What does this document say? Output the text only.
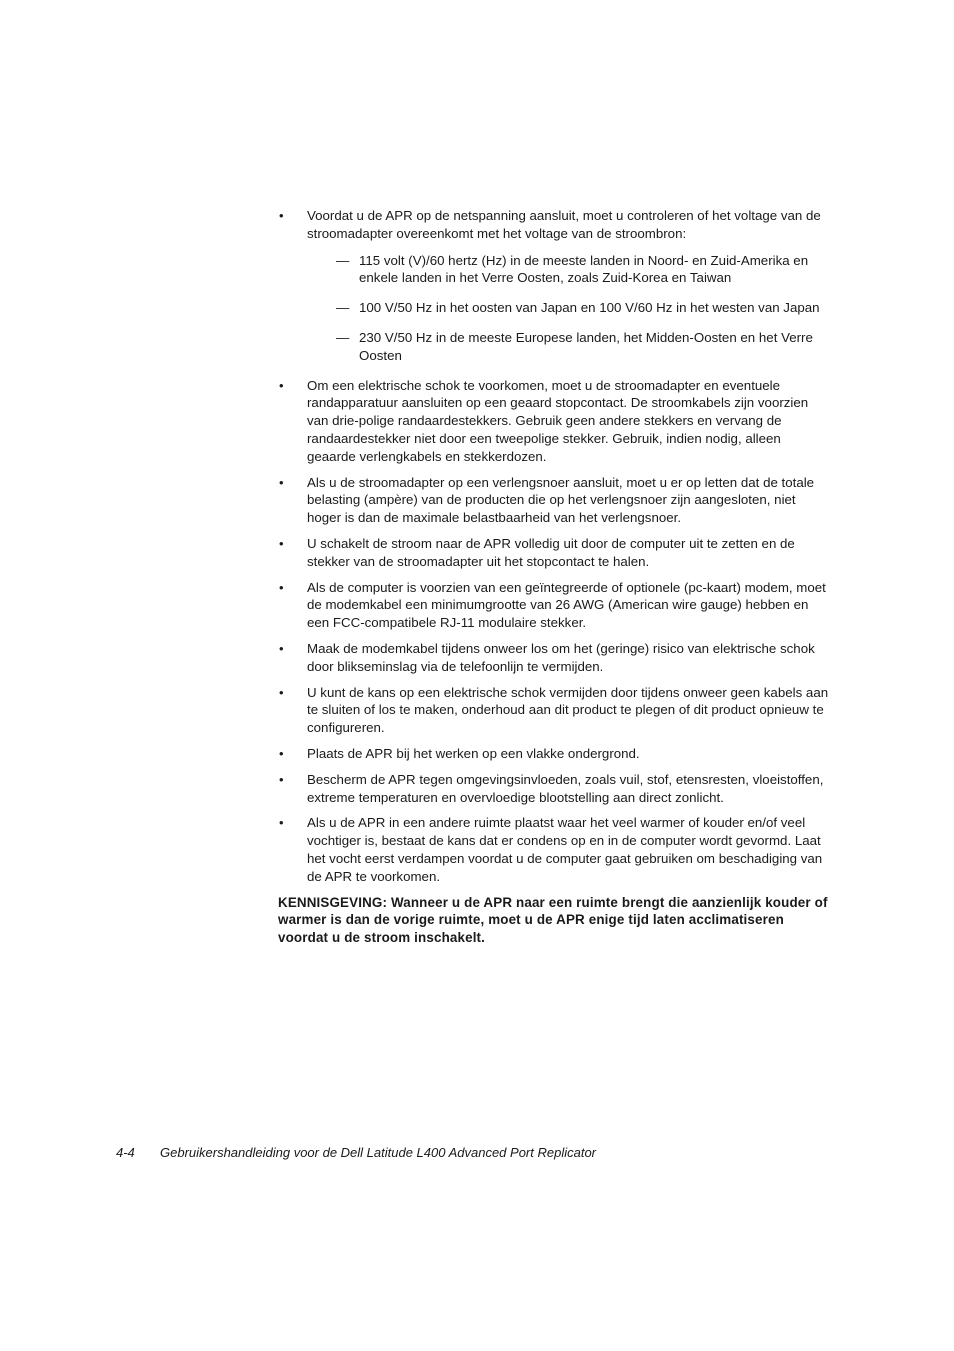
• Voordat u de APR op de netspanning aansluit, moet u controleren of het voltage van de stroomadapter overeenkomt met het voltage van de stroombron:
— 115 volt (V)/60 hertz (Hz) in de meeste landen in Noord- en Zuid-Amerika en enkele landen in het Verre Oosten, zoals Zuid-Korea en Taiwan
— 100 V/50 Hz in het oosten van Japan en 100 V/60 Hz in het westen van Japan
— 230 V/50 Hz in de meeste Europese landen, het Midden-Oosten en het Verre Oosten
• Om een elektrische schok te voorkomen, moet u de stroomadapter en eventuele randapparatuur aansluiten op een geaard stopcontact. De stroomkabels zijn voorzien van drie-polige randaardestekkers. Gebruik geen andere stekkers en vervang de randaardestekker niet door een tweepolige stekker. Gebruik, indien nodig, alleen geaarde verlengkabels en stekkerdozen.
• Als u de stroomadapter op een verlengsnoer aansluit, moet u er op letten dat de totale belasting (ampère) van de producten die op het verlengsnoer zijn aangesloten, niet hoger is dan de maximale belastbaarheid van het verlengsnoer.
• U schakelt de stroom naar de APR volledig uit door de computer uit te zetten en de stekker van de stroomadapter uit het stopcontact te halen.
• Als de computer is voorzien van een geïntegreerde of optionele (pc-kaart) modem, moet de modemkabel een minimumgrootte van 26 AWG (American wire gauge) hebben en een FCC-compatibele RJ-11 modulaire stekker.
• Maak de modemkabel tijdens onweer los om het (geringe) risico van elektrische schok door blikseminslag via de telefoonlijn te vermijden.
• U kunt de kans op een elektrische schok vermijden door tijdens onweer geen kabels aan te sluiten of los te maken, onderhoud aan dit product te plegen of dit product opnieuw te configureren.
• Plaats de APR bij het werken op een vlakke ondergrond.
• Bescherm de APR tegen omgevingsinvloeden, zoals vuil, stof, etensresten, vloeistoffen, extreme temperaturen en overvloedige blootstelling aan direct zonlicht.
• Als u de APR in een andere ruimte plaatst waar het veel warmer of kouder en/of veel vochtiger is, bestaat de kans dat er condens op en in de computer wordt gevormd. Laat het vocht eerst verdampen voordat u de computer gaat gebruiken om beschadiging van de APR te voorkomen.
KENNISGEVING: Wanneer u de APR naar een ruimte brengt die aanzienlijk kouder of warmer is dan de vorige ruimte, moet u de APR enige tijd laten acclimatiseren voordat u de stroom inschakelt.
4-4 Gebruikershandleiding voor de Dell Latitude L400 Advanced Port Replicator
